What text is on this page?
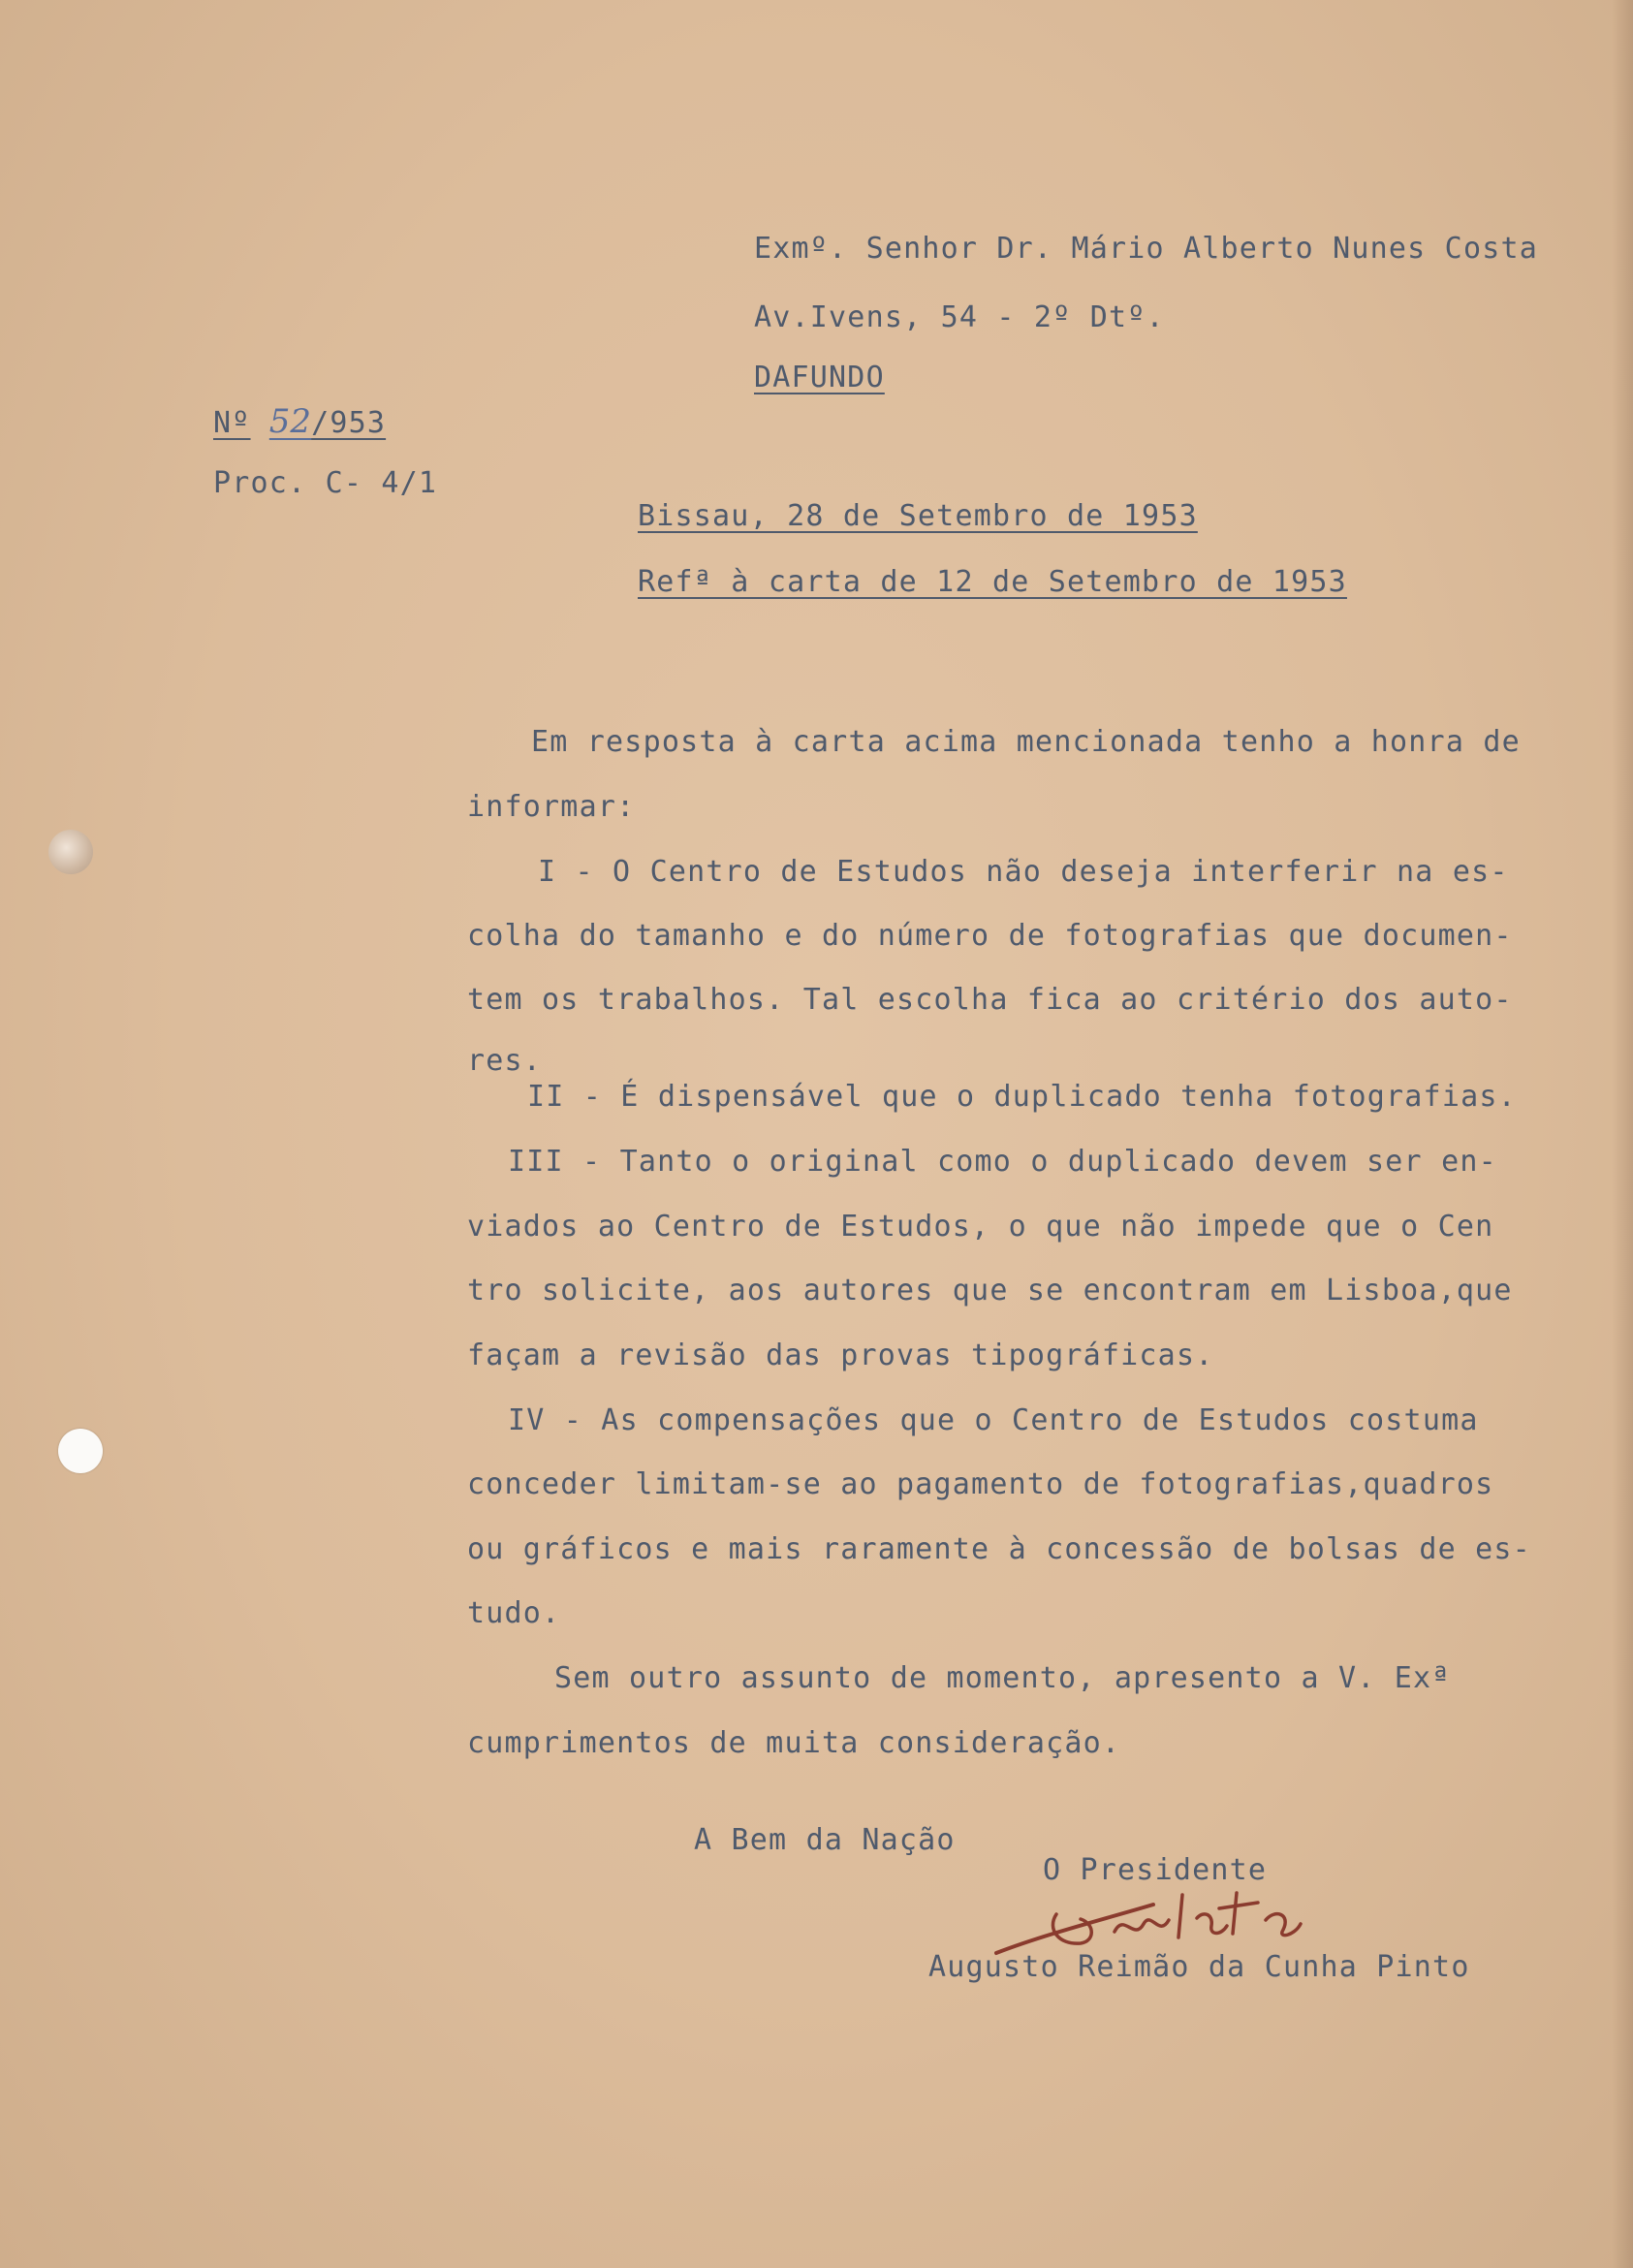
Exmº. Senhor Dr. Mário Alberto Nunes Costa
Av.Ivens, 54 - 2º Dtº.
DAFUNDO
Nº 52/953
Proc. C- 4/1
Bissau, 28 de Setembro de 1953
Refª à carta de 12 de Setembro de 1953
Em resposta à carta acima mencionada tenho a honra de
informar:
I - O Centro de Estudos não deseja interferir na es-
colha do tamanho e do número de fotografias que documen-
tem os trabalhos. Tal escolha fica ao critério dos auto-
res.
II - É dispensável que o duplicado tenha fotografias.
III - Tanto o original como o duplicado devem ser en-
viados ao Centro de Estudos, o que não impede que o Cen
tro solicite, aos autores que se encontram em Lisboa,que
façam a revisão das provas tipográficas.
IV - As compensações que o Centro de Estudos costuma
conceder limitam-se ao pagamento de fotografias,quadros
ou gráficos e mais raramente à concessão de bolsas de es-
tudo.
Sem outro assunto de momento, apresento a V. Exª
cumprimentos de muita consideração.
A Bem da Nação
O Presidente
Augusto Reimão da Cunha Pinto
